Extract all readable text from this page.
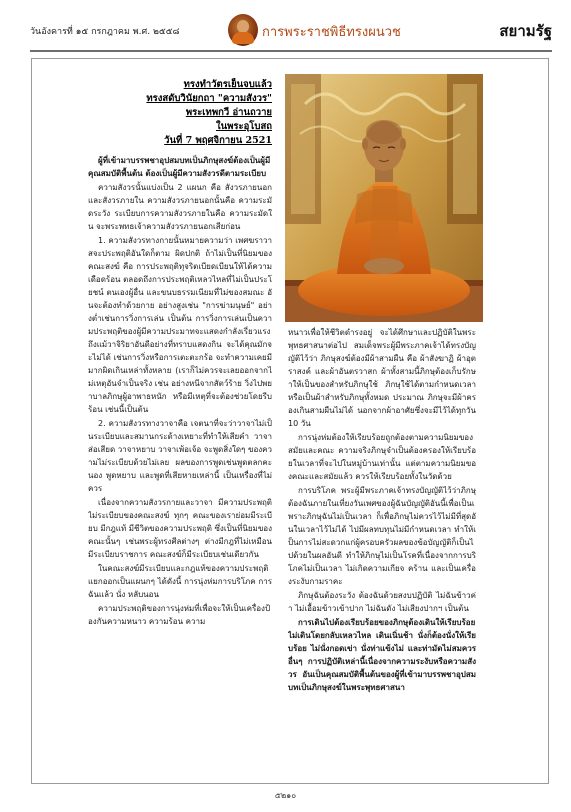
วันอังคารที่ ๑๕ กรกฎาคม พ.ศ. ๒๕๕๘	การพระราชพิธีทรงผนวช	สยามรัฐ
ทรงทำวัตรเย็นจบแล้ว
ทรงสดับวินัยกถา "ความสังวร"
พระเทพกวี อ่านถวาย
ในพระอุโบสถ
วันที่ 7 พฤศจิกายน 2521

ผู้ที่เข้ามาบรรพชาอุปสมบทเป็นภิกษุสงฆ์ต้องเป็นผู้มีคุณสมบัติพื้นต้น ต้องเป็นผู้มีความสังวรดีตามระเบียบ

ความสังวรนั้นแบ่งเป็น 2 แผนก คือ สังวรภายนอก และสังวรภายใน ความสังวรภายนอกนั้นคือ ความระมัดระวัง ระเบียบการความสังวรภายในคือ ความระมัดใน จะพระพทธเจ้าความสังวรภายนอกเสียก่อน

1. ความสังวรทางกายนั้นหมายความว่า เพศฆราวาสจะประพฤติอันใดก็ตาม ผิดปกติ ถ้าไม่เป็นที่นิยมของคณะสงฆ์ คือ การประพฤติทุจริตเบียดเบียนให้ได้ความเดือดร้อน ตลอดถึงการประพฤติเหลวไหลที่ไม่เป็นประโยชน์ ตนเองผู้อื่น และขนบธรรมเนียมที่ไม่ของสมณะ อันจะต้องทำด้วยกาย อย่างสูงเช่น "การฆ่ามนุษย์" อย่างต่ำเช่นการวิ่งการเล่น เป็นต้น การวิ่งการเล่นเป็นความประพฤติของผู้มีความประมาทจะแสดงกำลังเรี่ยวแรง ถึงแม้วาจิริยาอันดีอย่างที่ทราบแสดงกิน จะได้คุณมักจะไม่ได้ เช่นการวิ่งหรือการเตะตะกร้อ จะทำความเคยมีมากผิดเกินเหล่าทั้งหลาย (เราก็ไม่ควรจะเลยออกจากไม่เหตุอันจำเป็นจริง เช่น อย่างหนีจากสัตว์ร้าย วิ่งไปพยาบาลภิกษุผู้อาพาธหนัก หรือมีเหตุที่จะต้องช่วยโดยรีบร้อน เช่นนี้เป็นต้น

2. ความสังวรทางวาจาคือ เจตนาที่จะว่าวาจาไม่เป็นระเบียบและสมานกระด้างเหยาะที่ทำให้เสียคำ วาจาส่อเสียด วาจาหยาบ วาจาเพ้อเจ้อ จะพูดสิ่งใดๆ ของความไม่ระเบียบด้วยไม่เลย ผลของการพูดเช่นพูดตลกคะนอง พูดหยาบ และพูดที่เสียหายเหล่านี้ เป็นเหรื่องที่ไม่ควร

เนื่องจากความสังวรกายและวาจา มีความประพฤติไม่ระเบียบของคณะสงฆ์ ทุกๆ คณะของเราย่อมมีระเบียบ มีกฎแท้ มีชีวิตของความประพฤติ ซึ่งเป็นที่นิยมของคณะนั้นๆ เช่นพระผู้ทรงศีลต่างๆ ต่างมีกฎที่ไม่เหมือน มีระเบียบราชการ คณะสงฆ์ก็มีระเบียบเช่นเดียวกัน

ในคณะสงฆ์มีระเบียบและกฎแท้ของความประพฤติแยกออกเป็นแผนกๆ ได้ดังนี้ การนุ่งห่มการบริโภค การฉันแล้ว นั่ง หลับนอน

ความประพฤติของการนุ่งห่มที่เพื่อจะให้เป็นเครื่องป้องกันความหนาว ความร้อน ความ

หนาวเพื่อให้ชีวิตดำรงอยู่ จะได้ศึกษาและปฏิบัติในพระพุทธศาสนาต่อไป สมเด็จพระผู้มีพระภาคเจ้าได้ทรงบัญญัติไว้ว่า ภิกษุสงฆ์ต้องมีผ้าสามผืน คือ ผ้าสังฆาฏิ ผ้าอุตราสงค์ และผ้าอันตรวาสก ผ้าทั้งสามนี้ภิกษุต้องเก็บรักษาให้เป็นของสำหรับภิกษุใช้ ภิกษุใช้ได้ตามกำหนดเวลา หรือเป็นผ้าสำหรับภิกษุทั้งหมด ประมาณ ภิกษุจะมีผ้าครองเกินสามผืนไม่ได้ นอกจากผ้าอาศัยซึ่งจะมีไว้ได้ทุกวัน 10 วัน

การนุ่งห่มต้องให้เรียบร้อยถูกต้องตามความนิยมของสมัยและคณะ ความจริงภิกษุจำเป็นต้องครองให้เรียบร้อยในเวลาที่จะไปในหมู่บ้านเท่านั้น แต่ตามความนิยมของคณะและสมัยแล้ว ควรให้เรียบร้อยทั้งในวัดด้วย

การบริโภค พระผู้มีพระภาคเจ้าทรงบัญญัติไว้ว่าภิกษุต้องฉันภายในเที่ยงวันเพศของผู้ฉันบัญญัติอันนี้เพื่อเป็นเพราะภิกษุฉันไม่เป็นเวลา ก็เพื่อภิกษุไม่ควรไว้ไม่มีที่สุดอันในเวลาไว้ไม่ได้ ไปมีผลทบทุนไม่มีกำหนดเวลา ทำให้เป็นการไม่สะดวกแก่ผู้ครอบครัวผลของข้อบัญญัติก็เป็นไปด้วยในผลอันดี ทำให้ภิกษุไม่เป็นโรคที่เนื่องจากการบริโภคไม่เป็นเวลา ไม่เกิดความเกียจ คร้าน และเป็นเครื่องระงับกามราคะ

ภิกษุฉันต้องระวัง ต้องฉันด้วยสงบปฏิบัติ ไม่ฉันข้าวค่ำ ไม่เอื้อมข้าวเข้าปาก ไม่ฉันดัง ไม่เสียงปากฯ เป็นต้น

การเดินไปต้องเรียบร้อยของภิกษุต้องเดินให้เรียบร้อยไม่เดินโดยกลับเหลวไหล เดินเนิ่นช้า นั่งก็ต้องนั่งให้เรียบร้อย ไม่นั่งกอดเข่า นั่งท่าแข้งไม่ และท่ามัดไม่สมควรอื่นๆ การปฏิบัติเหล่านี้เนื่องจากความระงับหรือความสังวร อันเป็นคุณสมบัติพื้นต้นของผู้ที่เข้ามาบรรพชาอุปสมบทเป็นภิกษุสงฆ์ในพระพุทธศาสนา

๕๒๑๐
